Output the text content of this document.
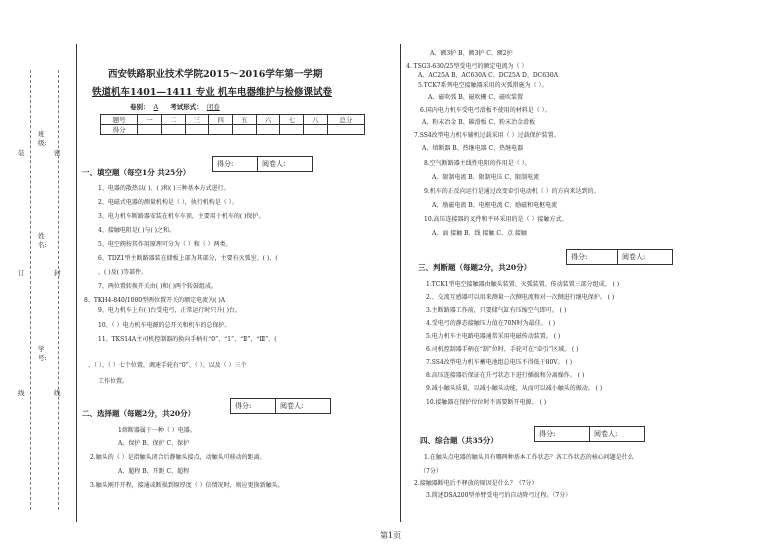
班
级:
装	密
姓
名:
订	封
学
号:
线	线
西安铁路职业技术学院2015～2016学年第一学期
铁道机车1401—1411 专业 机车电器维护与检修课试卷
卷别： A 考试形式： 闭卷
题号	一	二	三	四	五	六	七	八	总分
得分									
得分:	阅卷人:
一、填空题（每空1分 共25分）
1、电器的散热以( )、( )和( )三种基本方式进行。
2、电磁式电器的测量机构是（ ），执行机构是（ ）。
3、电力机车断路器安装在机车车顶，主要用于机车的( )保护。
4、接触电阻是( )与( )之和。
5、电空阀按其作用原理可分为（ ）和（ ）两类。
6、TDZ1型主断路器装在储板上部为其部分，主要有灭弧室、( )、(
、( )及( )等部件。
7、两位置转换开关由( )和( )两个转鼓组成。
8、TKH4-840/1000型两位置开关的额定电流为( )A
9、电力机车上有( )台受电弓，正常运行时只升( )台。
10、（ ）电力机车电源的总开关和机车的总保护。
11、TKS14A主司机控制器的换向手柄有“0”、“1”、“Ⅱ”、“Ⅲ”、(
、（ ）、（ ）七个位置。调速手轮有“0”、（ ）、以及（ ）三个
工作位置。
得分:	阅卷人:
二、选择题（每题2分，共20分）
1熔断器属于一种（ ）电器。
A、保护 B、保护 C、保护
2.触头的（ ）是指触头闭合后静触头接点，动触头可移动的距离。
A、超程 B、开距 C、超程
3.触头刚开开程，接通或断损到原厚度（ ）倍情况时，则应更换新触头。
A、额3护 B、额3护 C、额2护
4. TSG3-630/25型受电弓的额定电流为（ ）
A、AC25A B、AC630A C、DC25A D、DC630A
5.TCK7系列电空接触器采用的灭弧措施为（ ）。
A、磁吹弧 B、磁吹栅 C、磁吹装置
6.国内电力机车受电弓滑板不使用的材料是（ ）。
A、粉末冶金 B、碳滑板 C、粉末冶金滑板
7.SS4改型电力机车辅机过载采用（ ）过载保护装置。
A、熔断器 B、热继电器 C、热继电器
8.空气断路器主线性电阻的作用是（ ）。
A、限制电流 B、限制电压 C、限制电流
9.机车的正反向运行是通过改变牵引电动机（ ）的方向来达到的。
A、励磁电流 B、电枢电流 C、励磁和电枢电流
10.高压连接器的叉件和平环采用的是（ ）接触方式。
A、面 接触 B、线 接触 C、点 接触
得分:	阅卷人:
三、判断题（每题2分，共20分）
1.TCK1型电空接触器由触头装置、灭弧装置、传动装置三部分组成。 ( )
2.、交流互感器可以用来测量一次侧电流和对一次侧进行继电保护。 ( )
3.主断路器工作前，只要储气缸有压缩空气即可。 ( )
4.受电弓的静态接触压力值在70N时为最佳。 ( )
5.电力机车主电路电器通常采用电磁传动装置。 ( )
6.司机控制器手柄在“制”位时，手轮可在“牵引”区域。 ( )
7.SS4改型电力机车蓄电池组总电压不得低于80V。 ( )
8.高压连接器后保证在升弓状态下进行插拔和分离操作。 ( )
9.减小触头质量，以减小触头动能，从而可以减小触头的振动。 ( )
10.接触器在保护位位时不需要断开电源。 ( )
得分:	阅卷人:
四、综合题（共35分）
1.在触头点电器的触头具有哪两种基本工作状态？各工作状态的核心问题是什么
（7分）
2.接触器断电后不释放的原因是什么？（7分）
3.简述DSA200型单臂受电弓的自动降弓过程。（7分）
第1页
